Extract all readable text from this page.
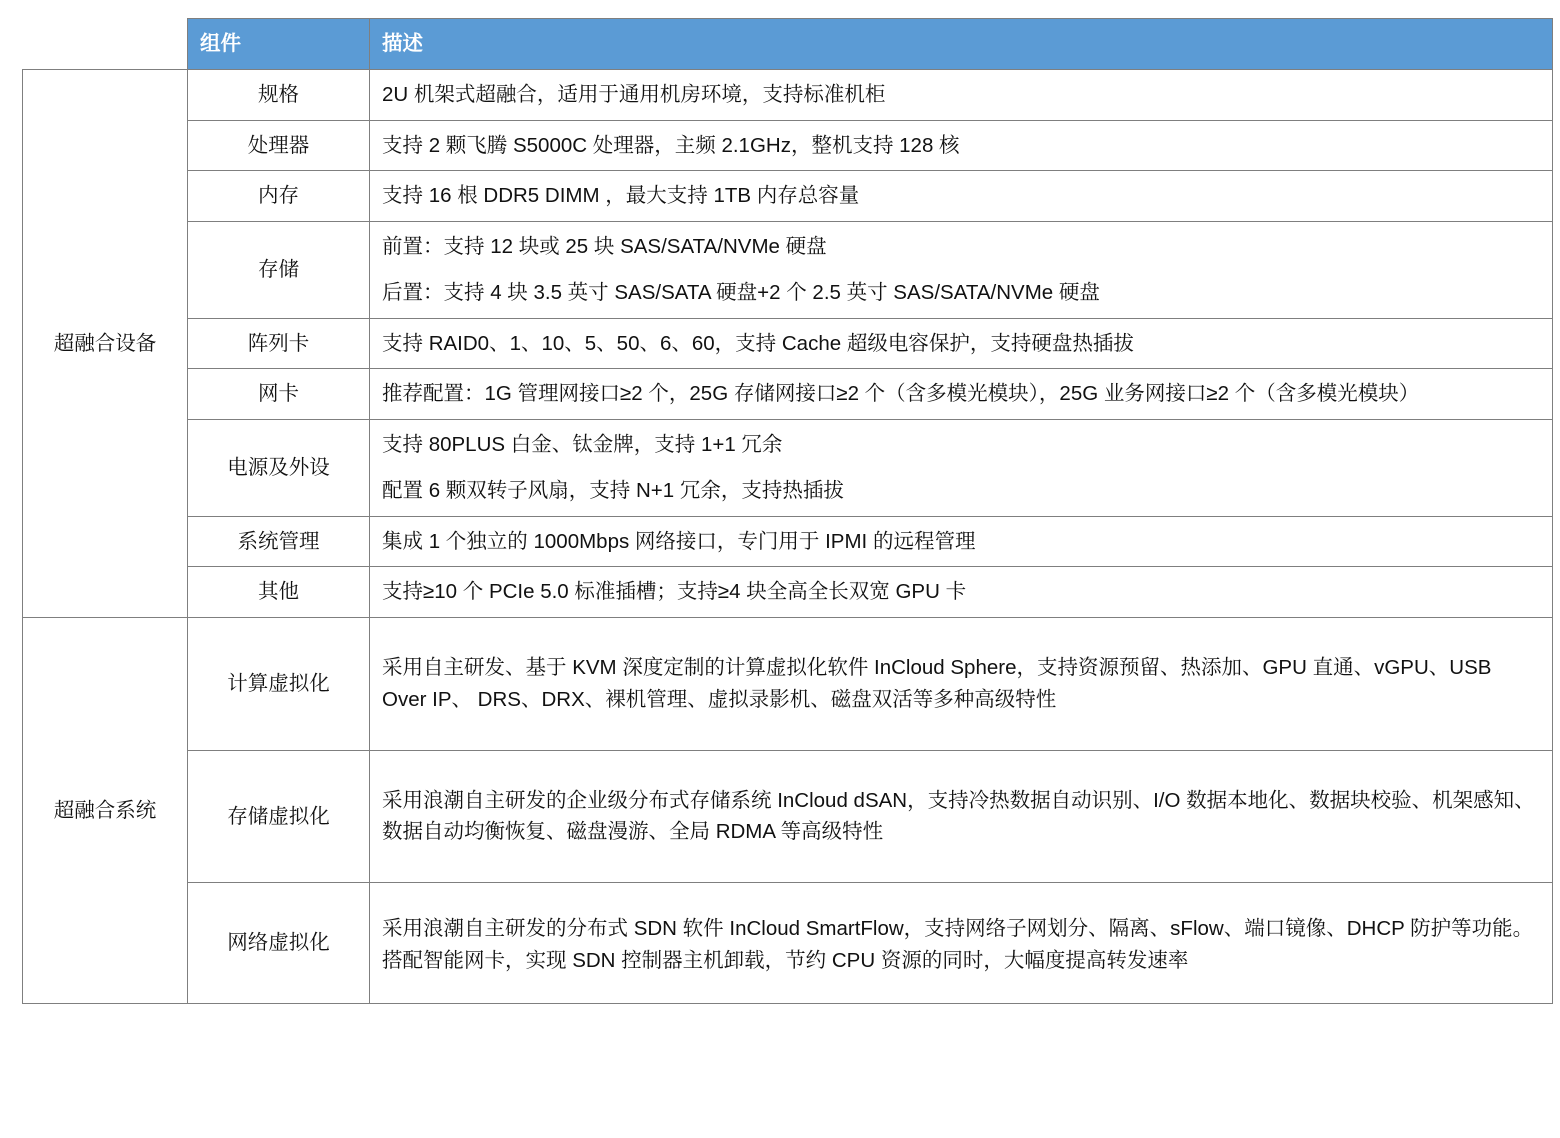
	组件	描述
超融合设备	规格	2U 机架式超融合，适用于通用机房环境，支持标准机柜

	处理器	支持 2 颗飞腾 S5000C 处理器，主频 2.1GHz，整机支持 128 核

	内存	支持 16 根 DDR5 DIMM ，最大支持 1TB 内存总容量

	存储	前置：支持 12 块或 25 块 SAS/SATA/NVMe 硬盘

后置：支持 4 块 3.5 英寸 SAS/SATA 硬盘+2 个 2.5 英寸 SAS/SATA/NVMe 硬盘

	阵列卡	支持 RAID0、1、10、5、50、6、60，支持 Cache 超级电容保护，支持硬盘热插拔

	网卡	推荐配置：1G 管理网接口≥2 个，25G 存储网接口≥2 个（含多模光模块），25G 业务网接口≥2 个（含多模光模块）

	电源及外设	支持 80PLUS 白金、钛金牌，支持 1+1 冗余

配置 6 颗双转子风扇，支持 N+1 冗余，支持热插拔

	系统管理	集成 1 个独立的 1000Mbps 网络接口，专门用于 IPMI 的远程管理

	其他	支持≥10 个 PCIe 5.0 标准插槽；支持≥4 块全高全长双宽 GPU 卡

超融合系统	计算虚拟化	采用自主研发、基于 KVM 深度定制的计算虚拟化软件 InCloud Sphere，支持资源预留、热添加、GPU 直通、vGPU、USB Over IP、 DRS、DRX、裸机管理、虚拟录影机、磁盘双活等多种高级特性

	存储虚拟化	采用浪潮自主研发的企业级分布式存储系统 InCloud dSAN，支持冷热数据自动识别、I/O 数据本地化、数据块校验、机架感知、数据自动均衡恢复、磁盘漫游、全局 RDMA 等高级特性

	网络虚拟化	采用浪潮自主研发的分布式 SDN 软件 InCloud SmartFlow，支持网络子网划分、隔离、sFlow、端口镜像、DHCP 防护等功能。搭配智能网卡，实现 SDN 控制器主机卸载，节约 CPU 资源的同时，大幅度提高转发速率
